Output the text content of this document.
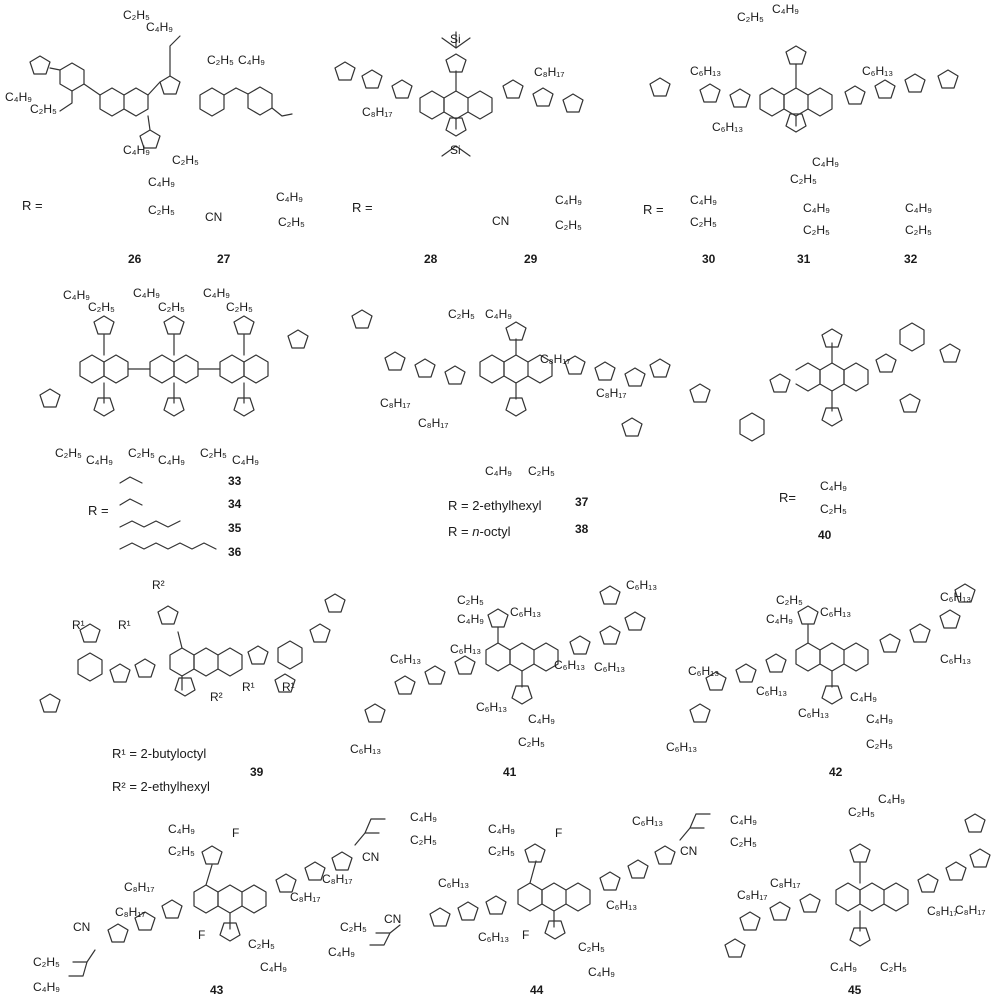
26	27	28	29	30	31	32
33
34
35
36
37
38	40
39	41	42
43	44	45
R =	R =	R =
R =
R=
R = 2-ethylhexyl
R = n-octyl
R¹ = 2-butyloctyl
R² = 2-ethylhexyl
C₂H₅
C₄H₉
C₂H₅ C₄H₉
C₂H₅
C₄H₉
C₄H₉
C₂H₅
C₄H₉
C₂H₅	CN
C₄H₉
C₂H₅
Si
Si
C₈H₁₇
C₈H₁₇
CN
C₄H₉
C₂H₅
C₂H₅
C₄H₉
C₆H₁₃	C₆H₁₃
C₆H₁₃
C₄H₉
C₂H₅
C₄H₉
C₂H₅
C₄H₉
C₂H₅
C₄H₉
C₂H₅
C₄H₉
C₂H₅
C₄H₉
C₂H₅
C₄H₉
C₂H₅
C₂H₅ C₄H₉ C₂H₅ C₄H₉ C₂H₅ C₄H₉
C₂H₅ C₄H₉
C₈H₁₇
C₈H₁₇
C₈H₁₇
C₈H₁₇
C₄H₉ C₂H₅
C₄H₉
C₂H₅
R¹	R¹
R²
R²
R¹ R¹
C₂H₅
C₄H₉ C₆H₁₃
C₆H₁₃
C₆H₁₃
C₆H₁₃
C₆H₁₃ C₆H₁₃
C₆H₁₃
C₄H₉
C₂H₅
C₆H₁₃
C₂H₅
C₄H₉ C₆H₁₃
C₆H₁₃
C₆H₁₃
C₆H₁₃
C₆H₁₃
C₆H₁₃
C₄H₉
C₄H₉
C₂H₅
C₆H₁₃
C₄H₉
C₂H₅
F
F
C₈H₁₇
C₈H₁₇
C₈H₁₇
C₈H₁₇
CN
C₄H₉
C₂H₅
CN
C₂H₅
C₄H₉
C₄H₉
C₂H₅
C₄H₉
C₂H₅
F
F
C₆H₁₃
C₆H₁₃
C₆H₁₃
C₆H₁₃
CN
CN
C₄H₉
C₂H₅
C₂H₅
C₄H₉	C₂H₅
C₄H₉
C₂H₅
C₄H₉
C₈H₁₇
C₈H₁₇
C₈H₁₇
C₈H₁₇
C₄H₉ C₂H₅
